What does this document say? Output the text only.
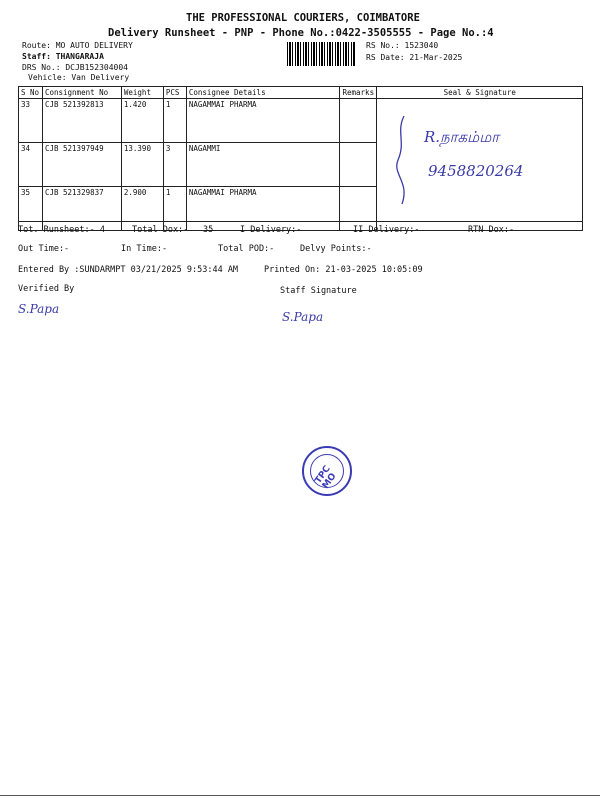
THE PROFESSIONAL COURIERS, COIMBATORE
Delivery Runsheet - PNP - Phone No.:0422-3505555 - Page No.:4
Route: MO AUTO DELIVERY
Staff: THANGARAJA
DRS No.: DCJB152304004
Vehicle: Van Delivery
RS No.: 1523040
RS Date: 21-Mar-2025
S No	Consignment No	Weight	PCS	Consignee Details	Remarks	Seal & Signature
33	CJB 521392813	1.420	1	NAGAMMAI PHARMA		
34	CJB 521397949	13.390	3	NAGAMMI		
35	CJB 521329837	2.900	1	NAGAMMAI PHARMA		
R.நாகம்மா
9458820264
Tot. Runsheet:- 4	Total Dox:- 35	I Delivery:-	II Delivery:-	RTN Dox:-
Out Time:-	In Time:-	Total POD:-	Delvy Points:-
Entered By :SUNDARMPT 03/21/2025 9:53:44 AM	Printed On: 21-03-2025 10:05:09
Verified By	Staff Signature
S.Papa
S.Papa
TPC MO
